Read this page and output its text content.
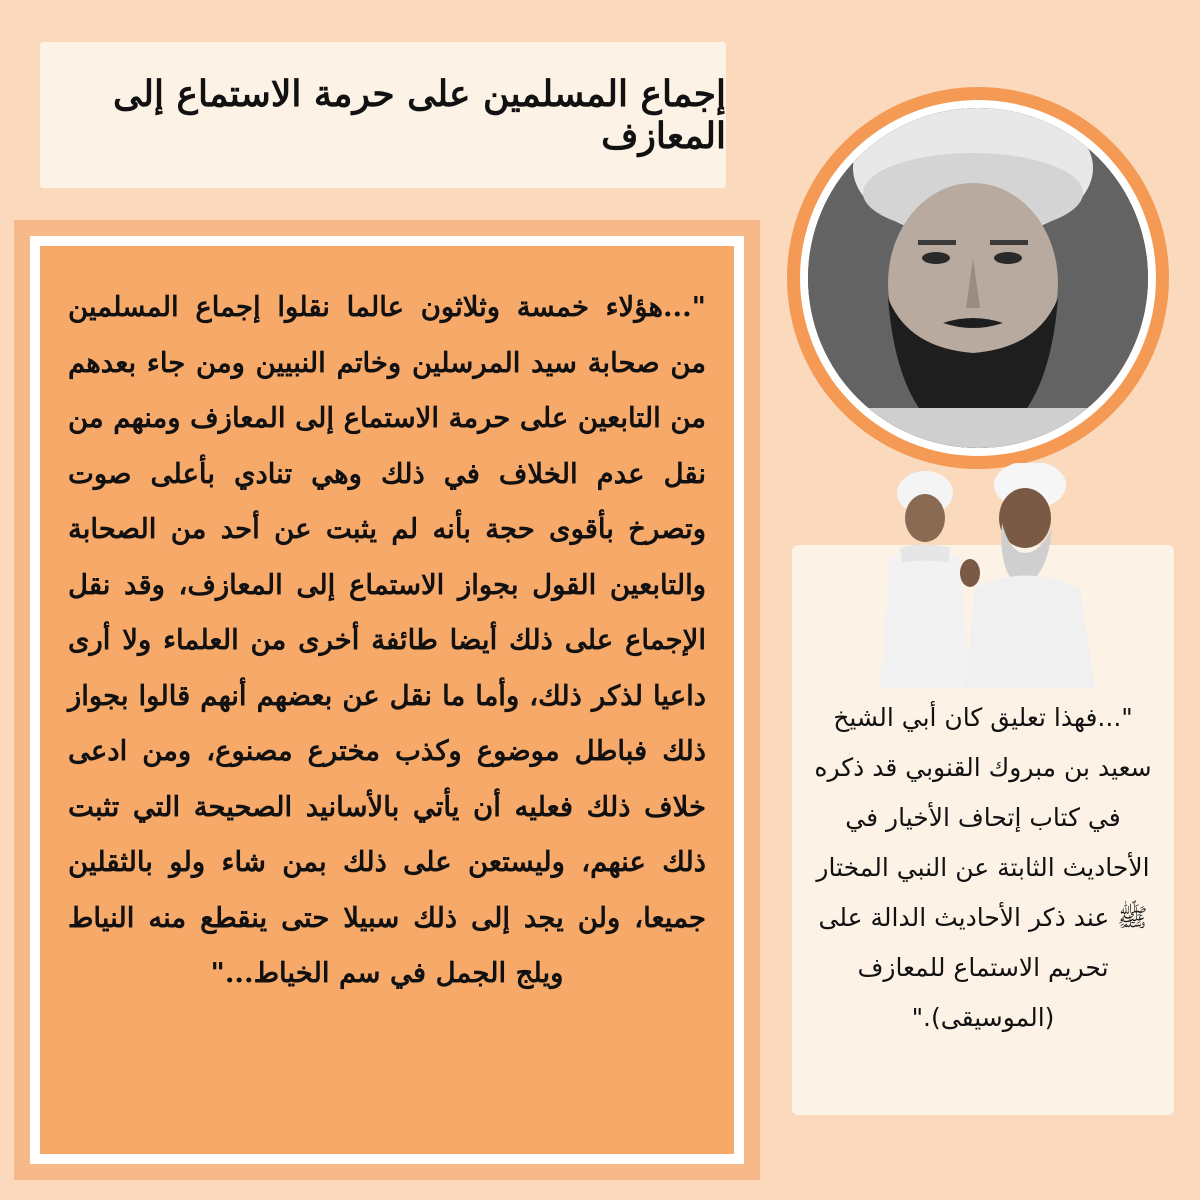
إجماع المسلمين على حرمة الاستماع إلى المعازف
"...هؤلاء خمسة وثلاثون عالما نقلوا إجماع المسلمين من صحابة سيد المرسلين وخاتم النبيين ومن جاء بعدهم من التابعين على حرمة الاستماع إلى المعازف ومنهم من نقل عدم الخلاف في ذلك وهي تنادي بأعلى صوت وتصرخ بأقوى حجة بأنه لم يثبت عن أحد من الصحابة والتابعين القول بجواز الاستماع إلى المعازف، وقد نقل الإجماع على ذلك أيضا طائفة أخرى من العلماء ولا أرى داعيا لذكر ذلك، وأما ما نقل عن بعضهم أنهم قالوا بجواز ذلك فباطل موضوع وكذب مخترع مصنوع، ومن ادعى خلاف ذلك فعليه أن يأتي بالأسانيد الصحيحة التي تثبت ذلك عنهم، وليستعن على ذلك بمن شاء ولو بالثقلين جميعا، ولن يجد إلى ذلك سبيلا حتى ينقطع منه النياط ويلج الجمل في سم الخياط..."
"...فهذا تعليق كان أبي الشيخ سعيد بن مبروك القنوبي قد ذكره في كتاب إتحاف الأخيار في الأحاديث الثابتة عن النبي المختار ﷺ عند ذكر الأحاديث الدالة على تحريم الاستماع للمعازف (الموسيقى)."
